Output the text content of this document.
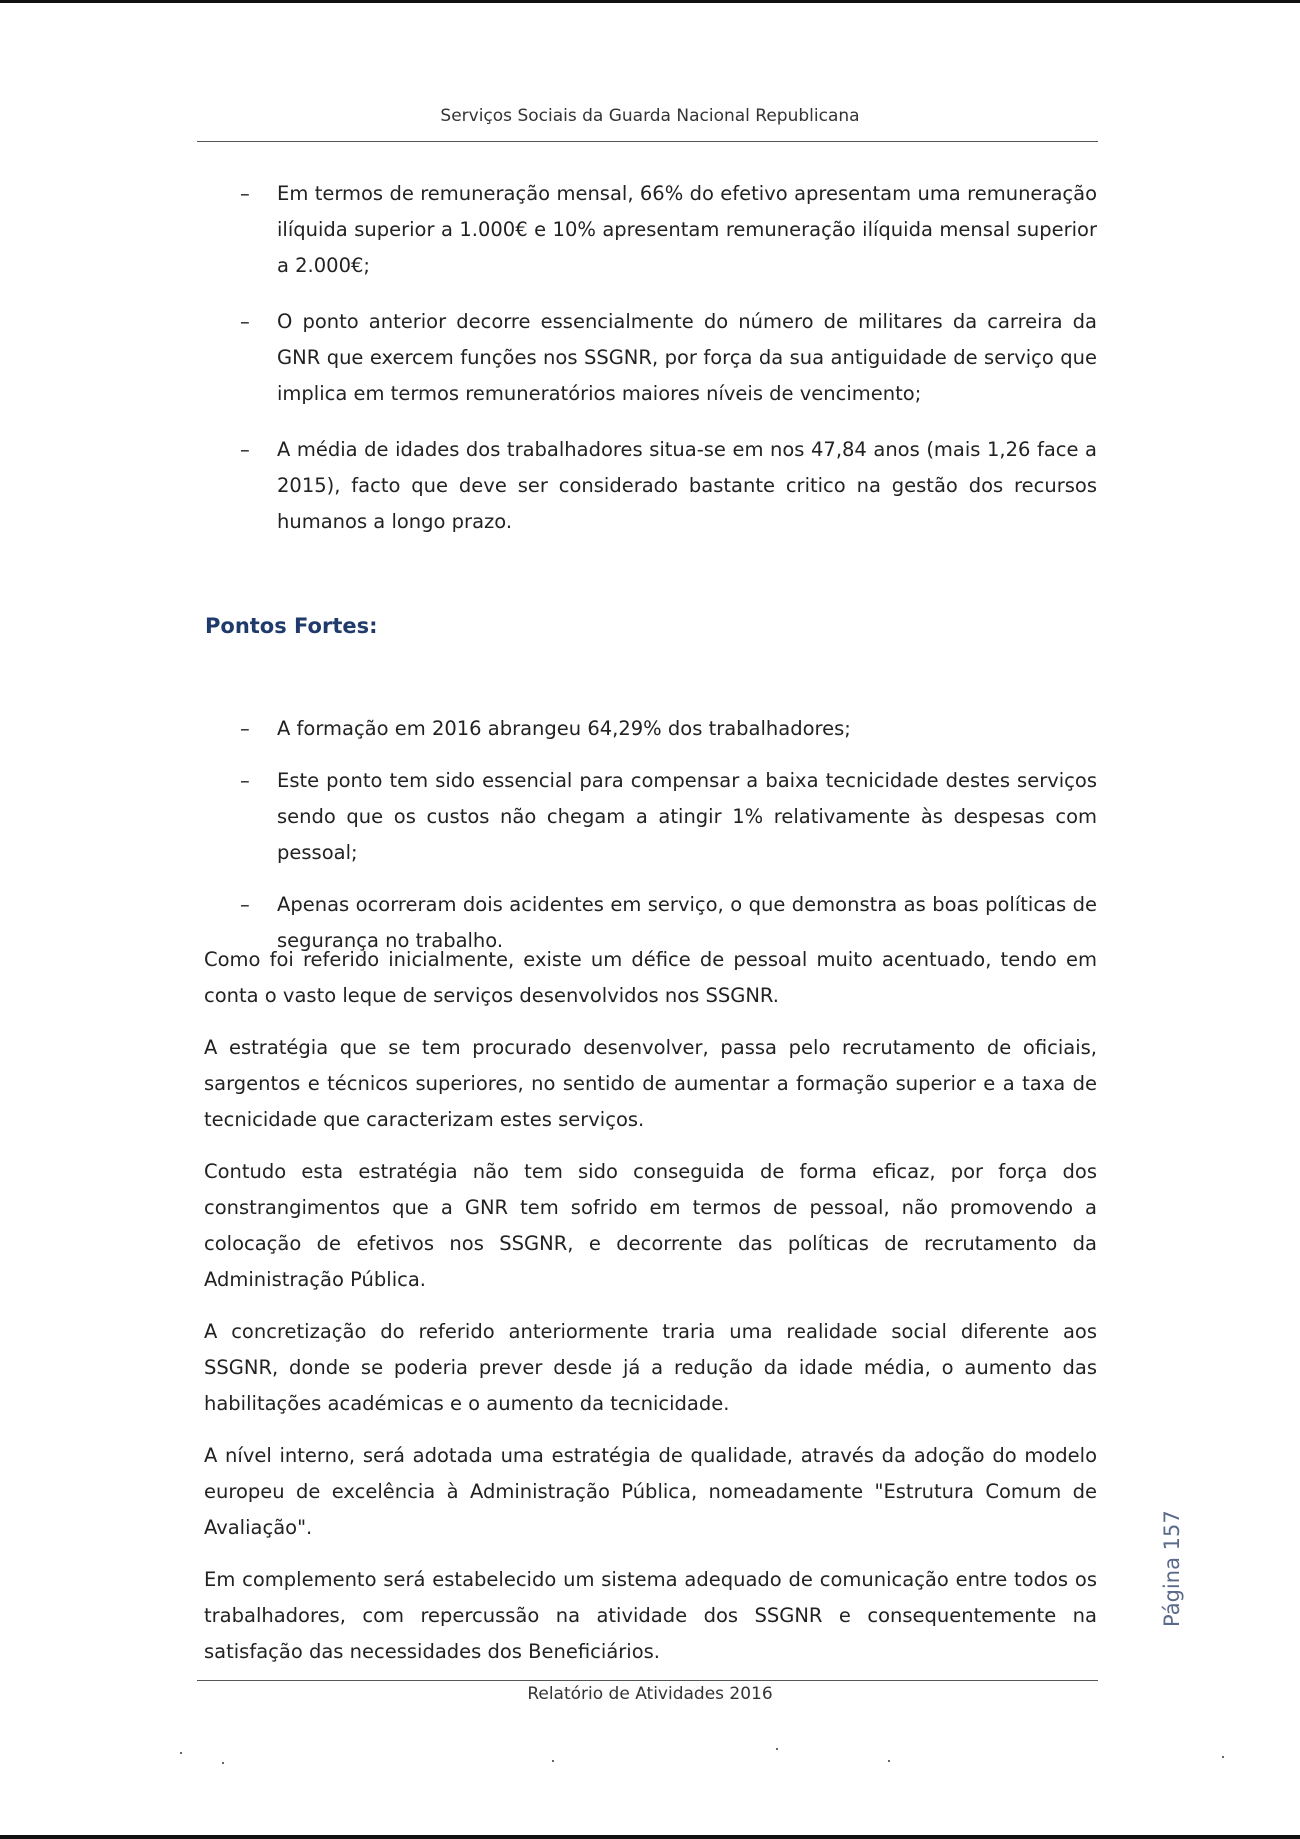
Serviços Sociais da Guarda Nacional Republicana
– Em termos de remuneração mensal, 66% do efetivo apresentam uma remuneração ilíquida superior a 1.000€ e 10% apresentam remuneração ilíquida mensal superior a 2.000€;
– O ponto anterior decorre essencialmente do número de militares da carreira da GNR que exercem funções nos SSGNR, por força da sua antiguidade de serviço que implica em termos remuneratórios maiores níveis de vencimento;
– A média de idades dos trabalhadores situa-se em nos 47,84 anos (mais 1,26 face a 2015), facto que deve ser considerado bastante critico na gestão dos recursos humanos a longo prazo.
Pontos Fortes:
– A formação em 2016 abrangeu 64,29% dos trabalhadores;
– Este ponto tem sido essencial para compensar a baixa tecnicidade destes serviços sendo que os custos não chegam a atingir 1% relativamente às despesas com pessoal;
– Apenas ocorreram dois acidentes em serviço, o que demonstra as boas políticas de segurança no trabalho.

Como foi referido inicialmente, existe um défice de pessoal muito acentuado, tendo em conta o vasto leque de serviços desenvolvidos nos SSGNR.

A estratégia que se tem procurado desenvolver, passa pelo recrutamento de oficiais, sargentos e técnicos superiores, no sentido de aumentar a formação superior e a taxa de tecnicidade que caracterizam estes serviços.

Contudo esta estratégia não tem sido conseguida de forma eficaz, por força dos constrangimentos que a GNR tem sofrido em termos de pessoal, não promovendo a colocação de efetivos nos SSGNR, e decorrente das políticas de recrutamento da Administração Pública.

A concretização do referido anteriormente traria uma realidade social diferente aos SSGNR, donde se poderia prever desde já a redução da idade média, o aumento das habilitações académicas e o aumento da tecnicidade.

A nível interno, será adotada uma estratégia de qualidade, através da adoção do modelo europeu de excelência à Administração Pública, nomeadamente "Estrutura Comum de Avaliação".

Em complemento será estabelecido um sistema adequado de comunicação entre todos os trabalhadores, com repercussão na atividade dos SSGNR e consequentemente na satisfação das necessidades dos Beneficiários.

Página 157
Relatório de Atividades 2016
